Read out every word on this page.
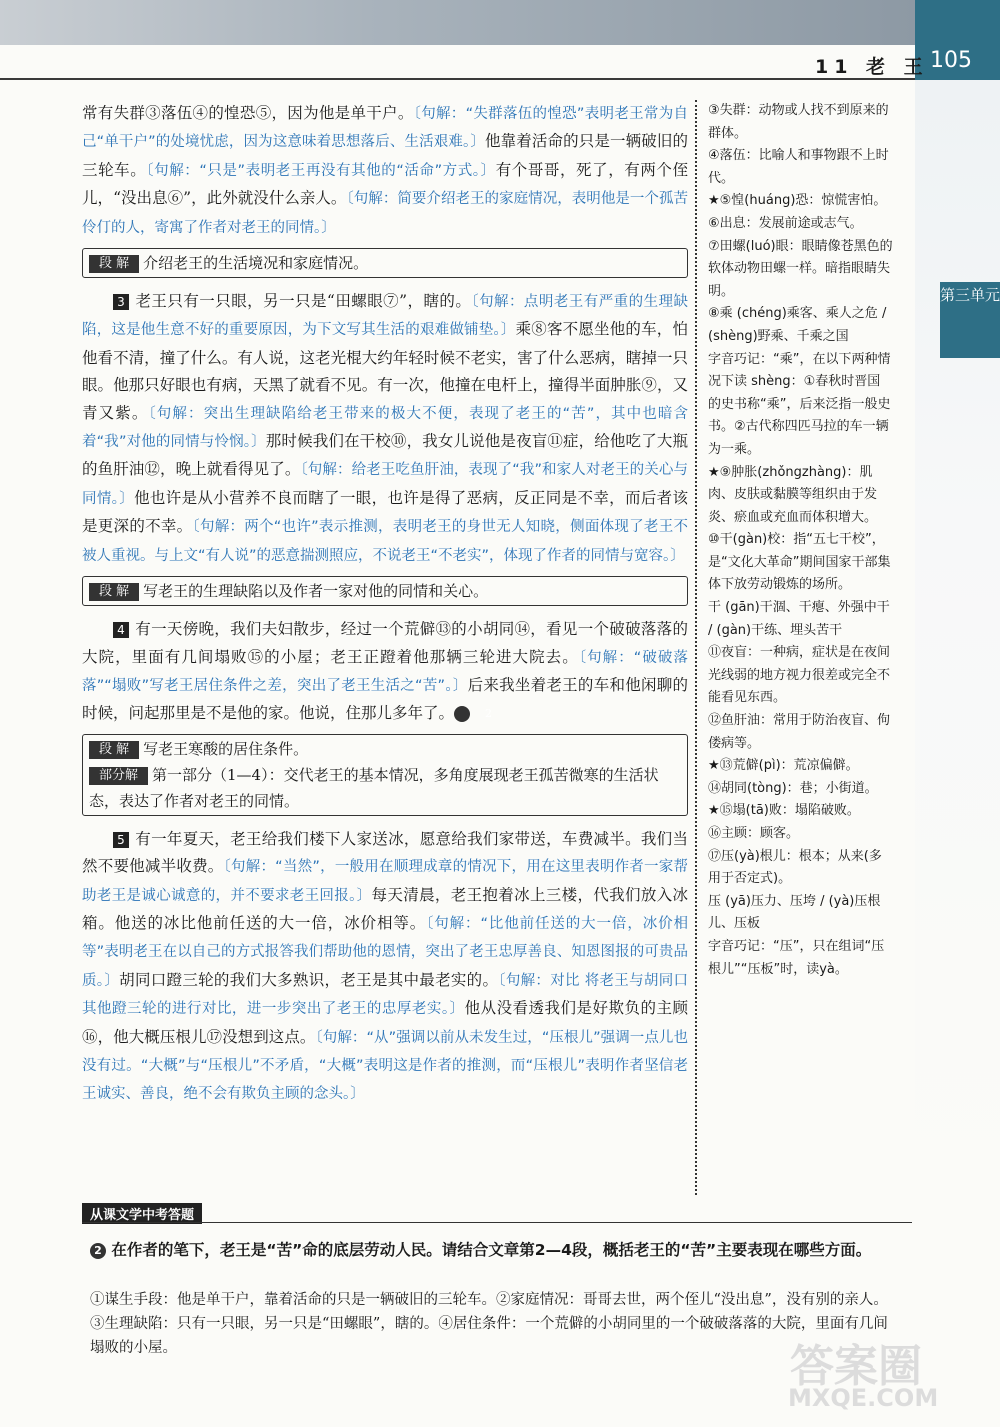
11 老 王 105
第三单元

常有失群③落伍④的惶恐⑤，因为他是单干户。〔句解：“失群落伍的惶恐”表明老王常为自己“单干户”的处境忧虑，因为这意味着思想落后、生活艰难。〕他靠着活命的只是一辆破旧的三轮车。〔句解：“只是”表明老王再没有其他的“活命”方式。〕有个哥哥，死了，有两个侄儿，“没出息⑥”，此外就没什么亲人。〔句解：简要介绍老王的家庭情况，表明他是一个孤苦伶仃的人，寄寓了作者对老王的同情。〕

段 解 介绍老王的生活境况和家庭情况。

3 老王只有一只眼，另一只是“田螺眼⑦”，瞎的。〔句解：点明老王有严重的生理缺陷，这是他生意不好的重要原因，为下文写其生活的艰难做铺垫。〕乘⑧客不愿坐他的车，怕他看不清，撞了什么。有人说，这老光棍大约年轻时候不老实，害了什么恶病，瞎掉一只眼。他那只好眼也有病，天黑了就看不见。有一次，他撞在电杆上，撞得半面肿胀⑨，又青又紫。〔句解：突出生理缺陷给老王带来的极大不便，表现了老王的“苦”，其中也暗含着“我”对他的同情与怜悯。〕那时候我们在干校⑩，我女儿说他是夜盲⑪症，给他吃了大瓶的鱼肝油⑫，晚上就看得见了。〔句解：给老王吃鱼肝油，表现了“我”和家人对老王的关心与同情。〕他也许是从小营养不良而瞎了一眼，也许是得了恶病，反正同是不幸，而后者该是更深的不幸。〔句解：两个“也许”表示推测，表明老王的身世无人知晓，侧面体现了老王不被人重视。与上文“有人说”的恶意揣测照应，不说老王“不老实”，体现了作者的同情与宽容。〕

段 解 写老王的生理缺陷以及作者一家对他的同情和关心。

4 有一天傍晚，我们夫妇散步，经过一个荒僻⑬的小胡同⑭，看见一个破破落落的大院，里面有几间塌败⑮的小屋；老王正蹬着他那辆三轮进大院去。〔句解：“破破落落”“塌败”写老王居住条件之差，突出了老王生活之“苦”。〕后来我坐着老王的车和他闲聊的时候，问起那里是不是他的家。他说，住那儿多年了。	2

段 解 写老王寒酸的居住条件。
部分解 第一部分（1—4）：交代老王的基本情况，多角度展现老王孤苦微寒的生活状态，表达了作者对老王的同情。

5 有一年夏天，老王给我们楼下人家送冰，愿意给我们家带送，车费减半。我们当然不要他减半收费。〔句解：“当然”，一般用在顺理成章的情况下，用在这里表明作者一家帮助老王是诚心诚意的，并不要求老王回报。〕每天清晨，老王抱着冰上三楼，代我们放入冰箱。他送的冰比他前任送的大一倍，冰价相等。〔句解：“比他前任送的大一倍，冰价相等”表明老王在以自己的方式报答我们帮助他的恩情，突出了老王忠厚善良、知恩图报的可贵品质。〕胡同口蹬三轮的我们大多熟识，老王是其中最老实的。〔句解：对比 将老王与胡同口其他蹬三轮的进行对比，进一步突出了老王的忠厚老实。〕他从没看透我们是好欺负的主顾⑯，他大概压根儿⑰没想到这点。〔句解：“从”强调以前从未发生过，“压根儿”强调一点儿也没有过。“大概”与“压根儿”不矛盾，“大概”表明这是作者的推测，而“压根儿”表明作者坚信老王诚实、善良，绝不会有欺负主顾的念头。〕

③失群：动物或人找不到原来的群体。

④落伍：比喻人和事物跟不上时代。

★⑤惶(huáng)恐：惊慌害怕。

⑥出息：发展前途或志气。

⑦田螺(luó)眼：眼睛像苍黑色的软体动物田螺一样。暗指眼睛失明。

⑧乘 (chéng)乘客、乘人之危 / (shèng)野乘、千乘之国

字音巧记：“乘”，在以下两种情况下读 shèng：①春秋时晋国的史书称“乘”，后来泛指一般史书。②古代称四匹马拉的车一辆为一乘。

★⑨肿胀(zhǒngzhàng)：肌肉、皮肤或黏膜等组织由于发炎、瘀血或充血而体积增大。

⑩干(gàn)校：指“五七干校”，是“文化大革命”期间国家干部集体下放劳动锻炼的场所。

干 (gān)干涸、干瘪、外强中干 / (gàn)干练、埋头苦干

⑪夜盲：一种病，症状是在夜间光线弱的地方视力很差或完全不能看见东西。

⑫鱼肝油：常用于防治夜盲、佝偻病等。

★⑬荒僻(pì)：荒凉偏僻。

⑭胡同(tòng)：巷；小街道。

★⑮塌(tā)败：塌陷破败。

⑯主顾：顾客。

⑰压(yà)根儿：根本；从来(多用于否定式)。

压 (yā)压力、压垮 / (yà)压根儿、压板

字音巧记：“压”，只在组词“压根儿”“压板”时，读yà。

从课文学中考答题
2 在作者的笔下，老王是“苦”命的底层劳动人民。请结合文章第2—4段，概括老王的“苦”主要表现在哪些方面。
①谋生手段：他是单干户，靠着活命的只是一辆破旧的三轮车。②家庭情况：哥哥去世，两个侄儿“没出息”，没有别的亲人。③生理缺陷：只有一只眼，另一只是“田螺眼”，瞎的。④居住条件：一个荒僻的小胡同里的一个破破落落的大院，里面有几间塌败的小屋。	答案圈
MXQE.COM
